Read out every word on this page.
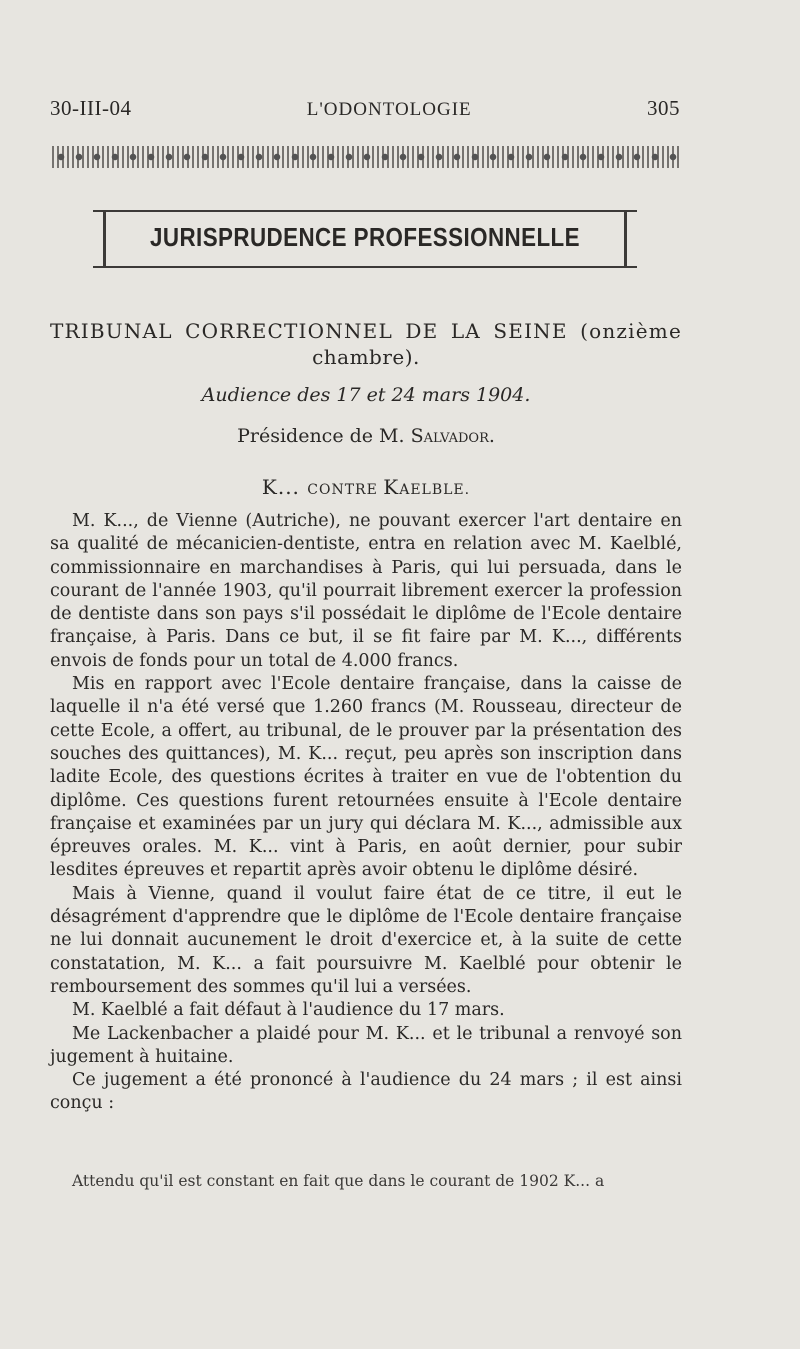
30-III-04	L'ODONTOLOGIE	305
JURISPRUDENCE PROFESSIONNELLE
TRIBUNAL CORRECTIONNEL DE LA SEINE (onzième
chambre).
Audience des 17 et 24 mars 1904.
Présidence de M. Salvador.
K... CONTRE KAELBLE.

M. K..., de Vienne (Autriche), ne pouvant exercer l'art dentaire en sa qualité de mécanicien-dentiste, entra en relation avec M. Kaelblé, commissionnaire en marchandises à Paris, qui lui persuada, dans le courant de l'année 1903, qu'il pourrait librement exercer la profession de dentiste dans son pays s'il possédait le diplôme de l'Ecole dentaire française, à Paris. Dans ce but, il se fit faire par M. K..., différents envois de fonds pour un total de 4.000 francs.

Mis en rapport avec l'Ecole dentaire française, dans la caisse de laquelle il n'a été versé que 1.260 francs (M. Rousseau, directeur de cette Ecole, a offert, au tribunal, de le prouver par la présentation des souches des quittances), M. K... reçut, peu après son inscription dans ladite Ecole, des questions écrites à traiter en vue de l'obtention du diplôme. Ces questions furent retournées ensuite à l'Ecole dentaire française et examinées par un jury qui déclara M. K..., admissible aux épreuves orales. M. K... vint à Paris, en août dernier, pour subir lesdites épreuves et repartit après avoir obtenu le diplôme désiré.

Mais à Vienne, quand il voulut faire état de ce titre, il eut le désagrément d'apprendre que le diplôme de l'Ecole dentaire française ne lui donnait aucunement le droit d'exercice et, à la suite de cette constatation, M. K... a fait poursuivre M. Kaelblé pour obtenir le remboursement des sommes qu'il lui a versées.

M. Kaelblé a fait défaut à l'audience du 17 mars.

Me Lackenbacher a plaidé pour M. K... et le tribunal a renvoyé son jugement à huitaine.

Ce jugement a été prononcé à l'audience du 24 mars ; il est ainsi conçu :

Attendu qu'il est constant en fait que dans le courant de 1902 K... a
